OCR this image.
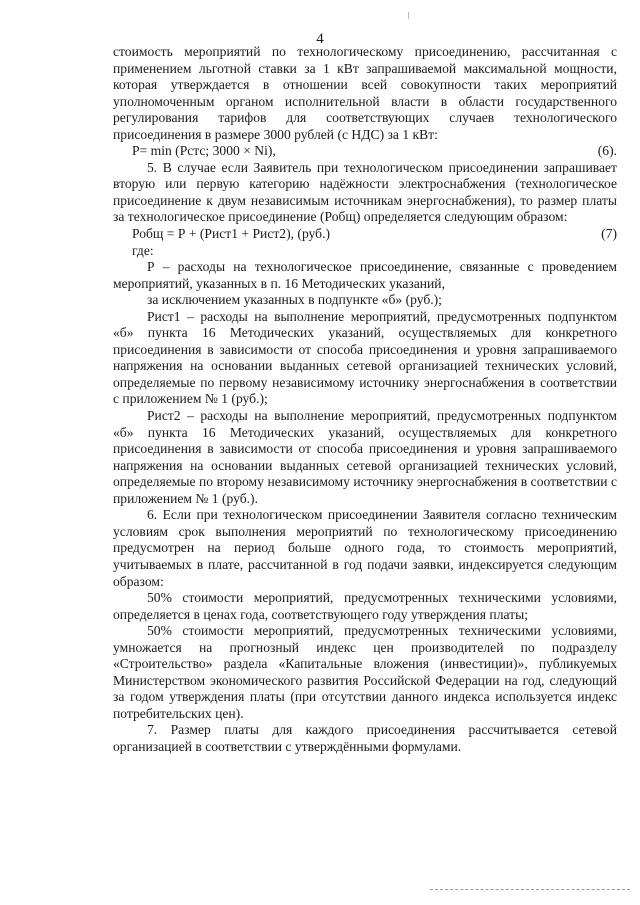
4

стоимость мероприятий по технологическому присоединению, рассчитанная с применением льготной ставки за 1 кВт запрашиваемой максимальной мощности, которая утверждается в отношении всей совокупности таких мероприятий уполномоченным органом исполнительной власти в области государственного регулирования тарифов для соответствующих случаев технологического присоединения в размере 3000 рублей (с НДС) за 1 кВт:

P= min (Pстс; 3000 × Ni),	(6).

5. В случае если Заявитель при технологическом присоединении запрашивает вторую или первую категорию надёжности электроснабжения (технологическое присоединение к двум независимым источникам энергоснабжения), то размер платы за технологическое присоединение (Робщ) определяется следующим образом:

Робщ = Р + (Рист1 + Рист2), (руб.)	(7)

где:

Р – расходы на технологическое присоединение, связанные с проведением мероприятий, указанных в п. 16 Методических указаний,

за исключением указанных в подпункте «б» (руб.);

Рист1 – расходы на выполнение мероприятий, предусмотренных подпунктом «б» пункта 16 Методических указаний, осуществляемых для конкретного присоединения в зависимости от способа присоединения и уровня запрашиваемого напряжения на основании выданных сетевой организацией технических условий, определяемые по первому независимому источнику энергоснабжения в соответствии с приложением № 1 (руб.);

Рист2 – расходы на выполнение мероприятий, предусмотренных подпунктом «б» пункта 16 Методических указаний, осуществляемых для конкретного присоединения в зависимости от способа присоединения и уровня запрашиваемого напряжения на основании выданных сетевой организацией технических условий, определяемые по второму независимому источнику энергоснабжения в соответствии с приложением № 1 (руб.).

6. Если при технологическом присоединении Заявителя согласно техническим условиям срок выполнения мероприятий по технологическому присоединению предусмотрен на период больше одного года, то стоимость мероприятий, учитываемых в плате, рассчитанной в год подачи заявки, индексируется следующим образом:

50% стоимости мероприятий, предусмотренных техническими условиями, определяется в ценах года, соответствующего году утверждения платы;

50% стоимости мероприятий, предусмотренных техническими условиями, умножается на прогнозный индекс цен производителей по подразделу «Строительство» раздела «Капитальные вложения (инвестиции)», публикуемых Министерством экономического развития Российской Федерации на год, следующий за годом утверждения платы (при отсутствии данного индекса используется индекс потребительских цен).

7. Размер платы для каждого присоединения рассчитывается сетевой организацией в соответствии с утверждёнными формулами.
